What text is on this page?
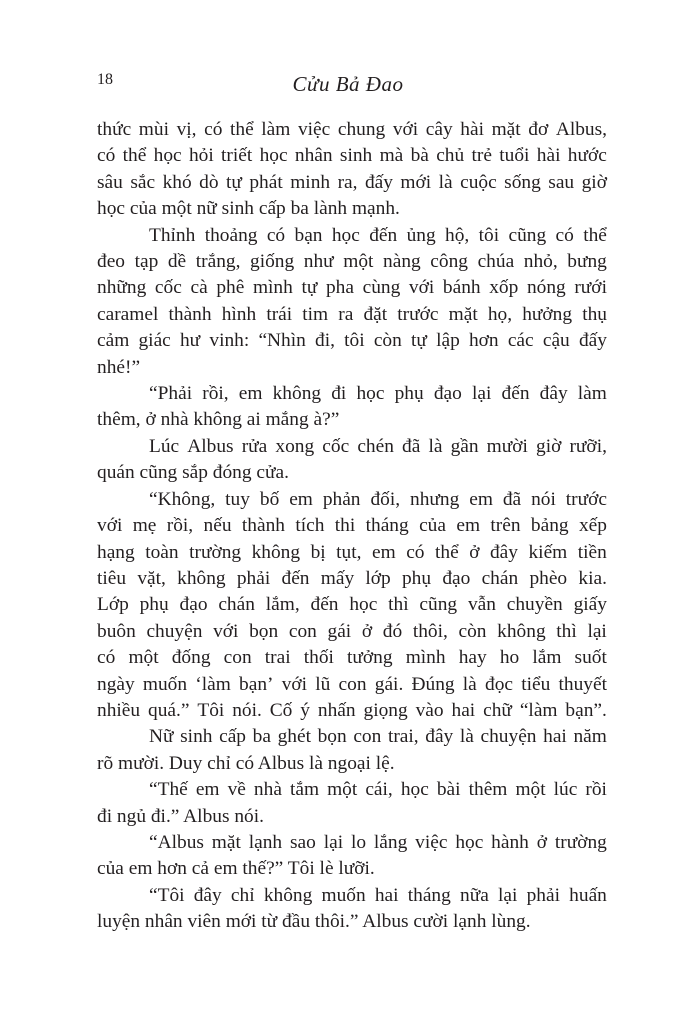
18	Cửu Bả Đao
thức mùi vị, có thể làm việc chung với cây hài mặt đơ Albus,
có thể học hỏi triết học nhân sinh mà bà chủ trẻ tuổi hài hước
sâu sắc khó dò tự phát minh ra, đấy mới là cuộc sống sau giờ
học của một nữ sinh cấp ba lành mạnh.
Thỉnh thoảng có bạn học đến ủng hộ, tôi cũng có thể
đeo tạp dề trắng, giống như một nàng công chúa nhỏ, bưng
những cốc cà phê mình tự pha cùng với bánh xốp nóng rưới
caramel thành hình trái tim ra đặt trước mặt họ, hưởng thụ
cảm giác hư vinh: “Nhìn đi, tôi còn tự lập hơn các cậu đấy
nhé!”
“Phải rồi, em không đi học phụ đạo lại đến đây làm
thêm, ở nhà không ai mắng à?”
Lúc Albus rửa xong cốc chén đã là gần mười giờ rưỡi,
quán cũng sắp đóng cửa.
“Không, tuy bố em phản đối, nhưng em đã nói trước
với mẹ rồi, nếu thành tích thi tháng của em trên bảng xếp
hạng toàn trường không bị tụt, em có thể ở đây kiếm tiền
tiêu vặt, không phải đến mấy lớp phụ đạo chán phèo kia.
Lớp phụ đạo chán lắm, đến học thì cũng vẫn chuyền giấy
buôn chuyện với bọn con gái ở đó thôi, còn không thì lại
có một đống con trai thối tưởng mình hay ho lắm suốt
ngày muốn ‘làm bạn’ với lũ con gái. Đúng là đọc tiểu thuyết
nhiều quá.” Tôi nói. Cố ý nhấn giọng vào hai chữ “làm bạn”.
Nữ sinh cấp ba ghét bọn con trai, đây là chuyện hai năm
rõ mười. Duy chỉ có Albus là ngoại lệ.
“Thế em về nhà tắm một cái, học bài thêm một lúc rồi
đi ngủ đi.” Albus nói.
“Albus mặt lạnh sao lại lo lắng việc học hành ở trường
của em hơn cả em thế?” Tôi lè lưỡi.
“Tôi đây chỉ không muốn hai tháng nữa lại phải huấn
luyện nhân viên mới từ đầu thôi.” Albus cười lạnh lùng.
